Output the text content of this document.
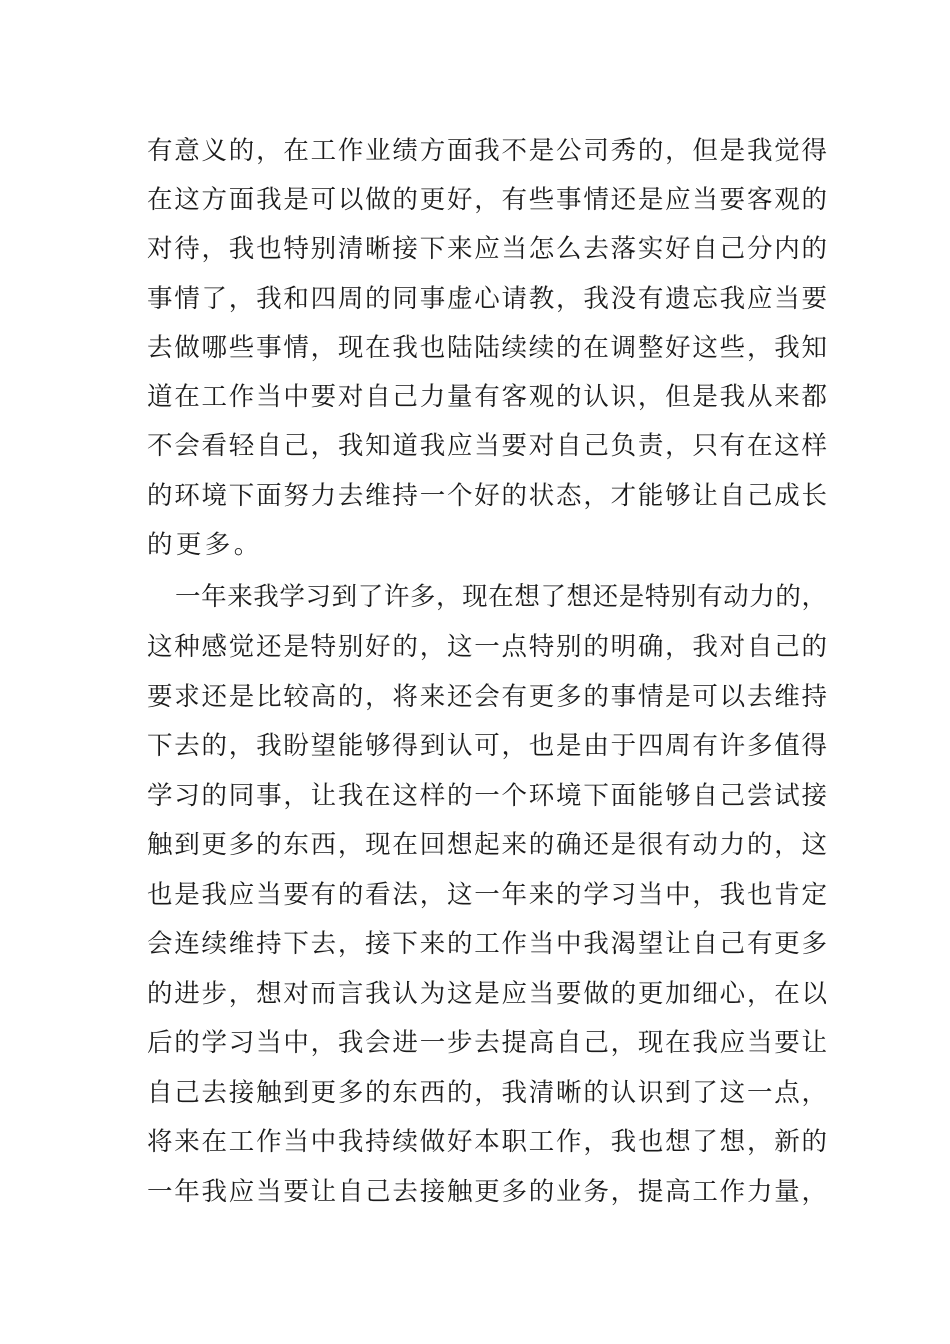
有意义的，在工作业绩方面我不是公司秀的，但是我觉得
在这方面我是可以做的更好，有些事情还是应当要客观的
对待，我也特别清晰接下来应当怎么去落实好自己分内的
事情了，我和四周的同事虚心请教，我没有遗忘我应当要
去做哪些事情，现在我也陆陆续续的在调整好这些，我知
道在工作当中要对自己力量有客观的认识，但是我从来都
不会看轻自己，我知道我应当要对自己负责，只有在这样
的环境下面努力去维持一个好的状态，才能够让自己成长
的更多。
一年来我学习到了许多，现在想了想还是特别有动力的，
这种感觉还是特别好的，这一点特别的明确，我对自己的
要求还是比较高的，将来还会有更多的事情是可以去维持
下去的，我盼望能够得到认可，也是由于四周有许多值得
学习的同事，让我在这样的一个环境下面能够自己尝试接
触到更多的东西，现在回想起来的确还是很有动力的，这
也是我应当要有的看法，这一年来的学习当中，我也肯定
会连续维持下去，接下来的工作当中我渴望让自己有更多
的进步，想对而言我认为这是应当要做的更加细心，在以
后的学习当中，我会进一步去提高自己，现在我应当要让
自己去接触到更多的东西的，我清晰的认识到了这一点，
将来在工作当中我持续做好本职工作，我也想了想，新的
一年我应当要让自己去接触更多的业务，提高工作力量，
